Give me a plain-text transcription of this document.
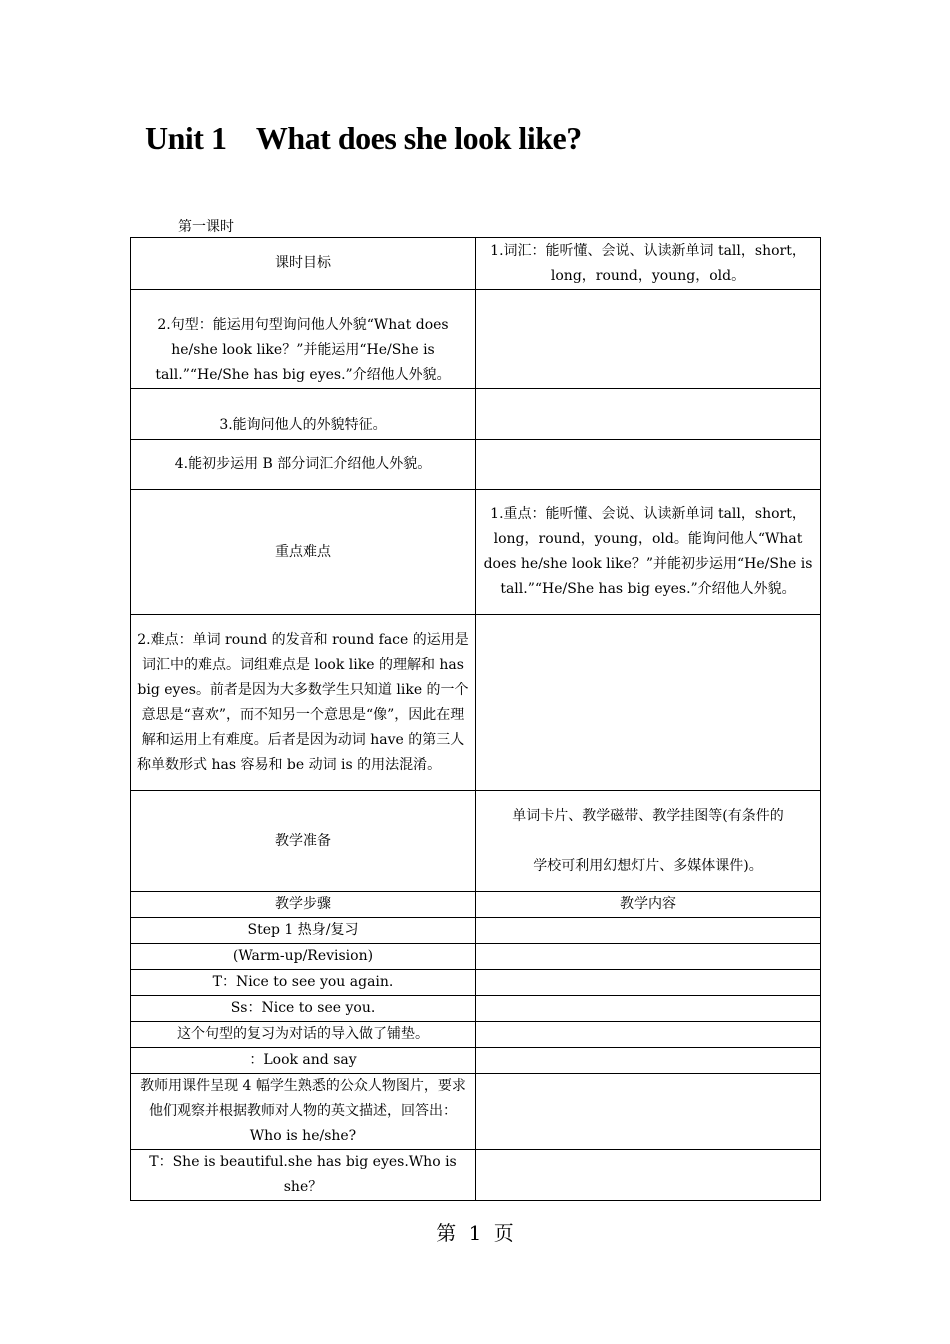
Unit 1    What does she look like?
第一课时
课时目标	1.词汇：能听懂、会说、认读新单词 tall，short，long，round，young，old。
2.句型：能运用句型询问他人外貌“What does he/she look like？”并能运用“He/She is tall.”“He/She has big eyes.”介绍他人外貌。	
3.能询问他人的外貌特征。	
4.能初步运用 B 部分词汇介绍他人外貌。	
重点难点	1.重点：能听懂、会说、认读新单词 tall，short，long，round，young，old。能询问他人“What does he/she look like？”并能初步运用“He/She is tall.”“He/She has big eyes.”介绍他人外貌。
2.难点：单词 round 的发音和 round face 的运用是词汇中的难点。词组难点是 look like 的理解和 has big eyes。前者是因为大多数学生只知道 like 的一个意思是“喜欢”，而不知另一个意思是“像”，因此在理解和运用上有难度。后者是因为动词 have 的第三人称单数形式 has 容易和 be 动词 is 的用法混淆。	
教学准备	单词卡片、教学磁带、教学挂图等(有条件的
学校可利用幻想灯片、多媒体课件)。
教学步骤	教学内容
Step 1 热身/复习	
(Warm-up/Revision)	
T：Nice to see you again.	
Ss：Nice to see you.	
这个句型的复习为对话的导入做了铺垫。	
：Look and say	
教师用课件呈现 4 幅学生熟悉的公众人物图片，要求他们观察并根据教师对人物的英文描述，回答出：Who is he/she?	
T：She is beautiful.she has big eyes.Who is she？	
第 1 页
